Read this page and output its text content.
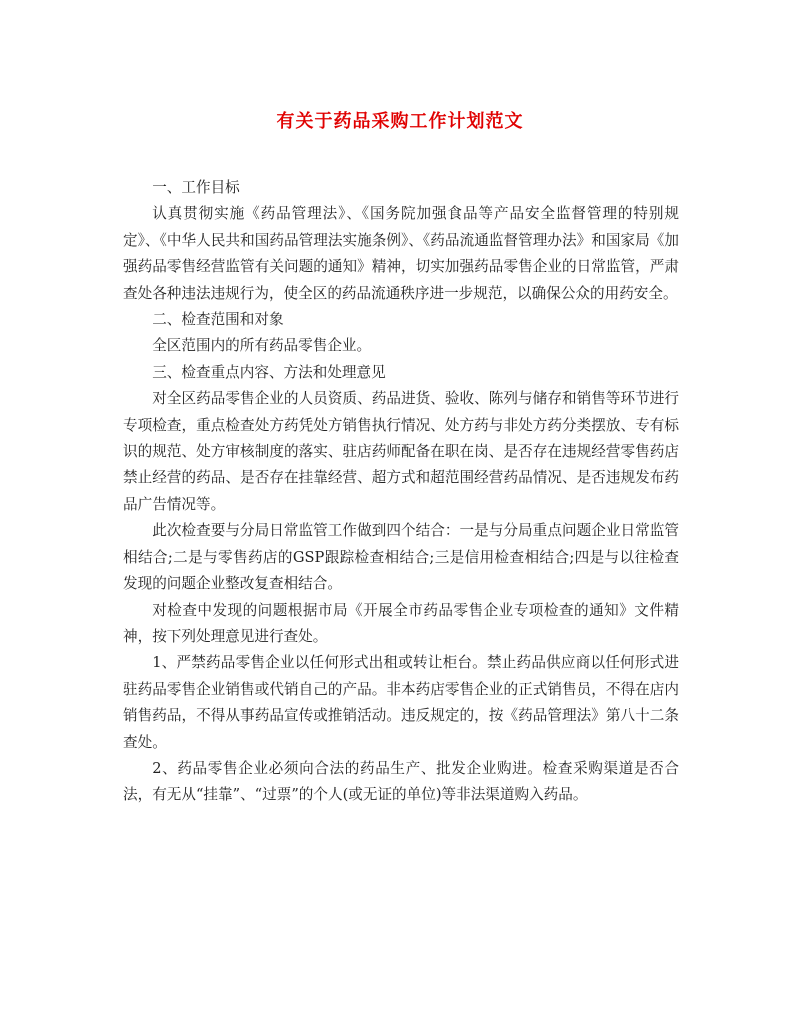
有关于药品采购工作计划范文

一、工作目标

认真贯彻实施《药品管理法》、《国务院加强食品等产品安全监督管理的特别规定》、《中华人民共和国药品管理法实施条例》、《药品流通监督管理办法》和国家局《加强药品零售经营监管有关问题的通知》精神，切实加强药品零售企业的日常监管，严肃查处各种违法违规行为，使全区的药品流通秩序进一步规范，以确保公众的用药安全。

二、检查范围和对象

全区范围内的所有药品零售企业。

三、检查重点内容、方法和处理意见

对全区药品零售企业的人员资质、药品进货、验收、陈列与储存和销售等环节进行专项检查，重点检查处方药凭处方销售执行情况、处方药与非处方药分类摆放、专有标识的规范、处方审核制度的落实、驻店药师配备在职在岗、是否存在违规经营零售药店禁止经营的药品、是否存在挂靠经营、超方式和超范围经营药品情况、是否违规发布药品广告情况等。

此次检查要与分局日常监管工作做到四个结合：一是与分局重点问题企业日常监管相结合;二是与零售药店的GSP跟踪检查相结合;三是信用检查相结合;四是与以往检查发现的问题企业整改复查相结合。

对检查中发现的问题根据市局《开展全市药品零售企业专项检查的通知》文件精神，按下列处理意见进行查处。

1、严禁药品零售企业以任何形式出租或转让柜台。禁止药品供应商以任何形式进驻药品零售企业销售或代销自己的产品。非本药店零售企业的正式销售员，不得在店内销售药品，不得从事药品宣传或推销活动。违反规定的，按《药品管理法》第八十二条查处。

2、药品零售企业必须向合法的药品生产、批发企业购进。检查采购渠道是否合法，有无从“挂靠”、“过票”的个人(或无证的单位)等非法渠道购入药品。
